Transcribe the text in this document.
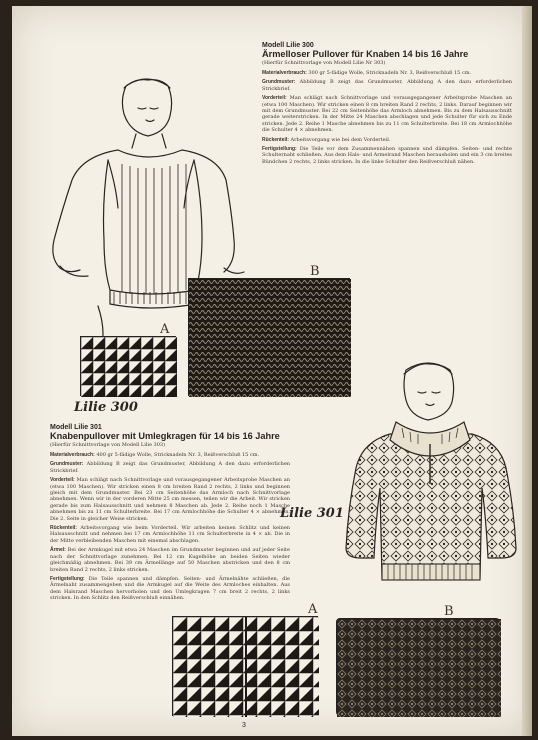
Modell Lilie 300
Ärmelloser Pullover für Knaben 14 bis 16 Jahre
(Hierfür Schnittvorlage von Modell Lilie Nr 303)
Materialverbrauch: 300 gr 5-fädige Wolle, Stricknadeln Nr. 3, Reißverschluß 15 cm.
Grundmuster: Abbildung B zeigt das Grundmuster, Abbildung A den dazu erforderlichen Strickbrief.
Vorderteil: Man schlägt nach Schnittvorlage und vorausgegangener Arbeitsprobe Maschen an (etwa 100 Maschen). Wir stricken einen 8 cm breiten Rand 2 rechts, 2 links. Darauf beginnen wir mit dem Grundmuster. Bei 22 cm Seitenhöhe das Armloch abnehmen. Bis zu dem Halsausschnitt gerade weiterstricken. In der Mitte 24 Maschen abschlagen und jede Schulter für sich zu Ende stricken. Jede 2. Reihe 1 Masche abnehmen bis zu 11 cm Schulterbreite. Bei 18 cm Armlochhöhe die Schulter 4 × abnehmen.
Rückenteil: Arbeitsvorgang wie bei dem Vorderteil.
Fertigstellung: Die Teile vor dem Zusammennähen spannen und dämpfen. Seiten- und rechte Schulternaht schließen. Aus dem Hals- und Armelrand Maschen herausholen und ein 3 cm breites Bündchen 2 rechts, 2 links stricken. In die linke Schulter den Reißverschluß nähen.
A
B
Lilie 300
Modell Lilie 301
Knabenpullover mit Umlegkragen für 14 bis 16 Jahre
(Hierfür Schnittvorlage von Modell Lilie 303)
Materialverbrauch: 400 gr 5-fädige Wolle, Stricknadeln Nr. 3, Reißverschluß 15 cm.
Grundmuster: Abbildung B zeigt das Grundmuster, Abbildung A den dazu erforderlichen Strickbrief.
Vorderteil: Man schlägt nach Schnittvorlage und vorausgegangener Arbeitsprobe Maschen an (etwa 100 Maschen). Wir stricken einen 8 cm breiten Rand 2 rechts, 2 links und beginnen gleich mit dem Grundmuster. Bei 23 cm Seitenhöhe das Armloch nach Schnittvorlage abnehmen. Wenn wir in der vorderen Mitte 25 cm messen, teilen wir die Arbeit. Wir stricken gerade bis zum Halsausschnitt und nehmen 8 Maschen ab. Jede 2. Reihe noch 1 Masche abnehmen bis zu 11 cm Schulterbreite. Bei 17 cm Armlochhöhe die Schulter 4 × abnehmen. Die 2. Seite in gleicher Weise stricken.
Rückenteil: Arbeitsvorgang wie beim Vorderteil. Wir arbeiten keinen Schlitz und keinen Halsausschnitt und nehmen bei 17 cm Armlochhöhe 11 cm Schulterbreite in 4 × ab. Die in der Mitte verbleibenden Maschen mit einemal abschlagen.
Ärmel: Bei der Armkugel mit etwa 24 Maschen im Grundmuster beginnen und auf jeder Seite nach der Schnittvorlage zunehmen. Bei 12 cm Kugelhöhe an beiden Seiten wieder gleichmäßig abnehmen. Bei 39 cm Ärmellänge auf 50 Maschen abstricken und den 8 cm breiten Rand 2 rechts, 2 links stricken.
Fertigstellung: Die Teile spannen und dämpfen. Seiten- und Ärmelnähte schließen, die Ärmelnaht zusammengeben und die Armkugel auf die Weite des Armloches einhalten. Aus dem Halsrand Maschen hervorholen und den Umlegkragen 7 cm breit 2 rechts, 2 links stricken. In den Schlitz den Reißverschluß einnähen.
Lilie 301
A	B
3
